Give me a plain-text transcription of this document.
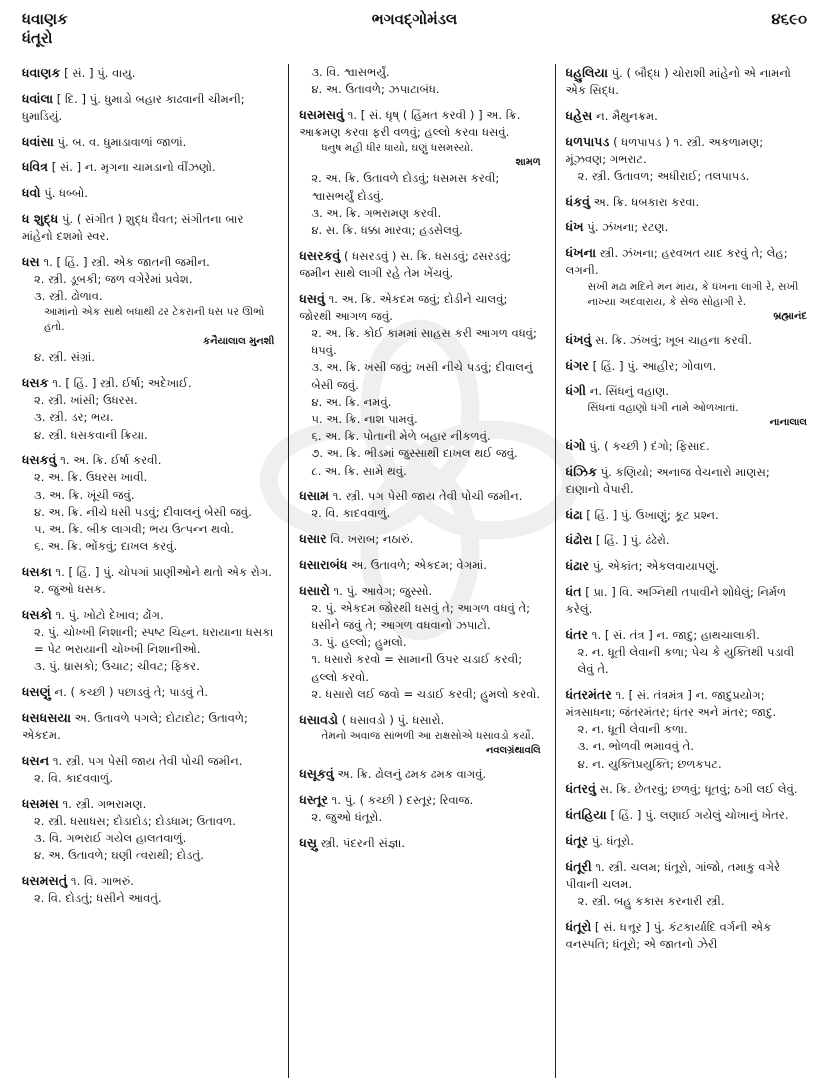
ધવાણક
ધંતૂરો
ભગવદ્ગોમંડલ	૪૬૯૦
ધવાણક [ સં. ] પું. વાયુ.
ધવાંલા [ દિ. ] પું. ધુમાડો બહાર કાઢવાની ચીમની; ધુમાડિયું.
ધવાંસા પું. બ. વ. ધુમાડાવાળાં જાળાં.
ધવિત્ર [ સં. ] ન. મૃગના ચામડાનો વીંઝણો.
ધવો પું. ધબ્બો.
ધ શુદ્ધ પું. ( સંગીત ) શુદ્ધ ધૈવત; સંગીતના બાર માંહેનો દશમો સ્વર.
ધસ ૧. [ હિં. ] સ્ત્રી. એક જાતની જમીન.
૨. સ્ત્રી. ડૂબકી; જળ વગેરેમાં પ્રવેશ.
૩. સ્ત્રી. ઢોળાવ.
આમાંનો એક સાથે બધાથી ઢર ટેકરાની ધસ પર ઊભો હતો.
કનૈયાલાલ મુનશી
૪. સ્ત્રી. સંગ્રાં.
ધસક ૧. [ હિં. ] સ્ત્રી. ઈર્ષા; અદેખાઈ.
૨. સ્ત્રી. ખાંસી; ઉધરસ.
૩. સ્ત્રી. ડર; ભય.
૪. સ્ત્રી. ધસકવાની ક્રિયા.
ધસકવું ૧. અ. ક્રિ. ઈર્ષા કરવી.
૨. અ. ક્રિ. ઉધરસ ખાવી.
૩. અ. ક્રિ. ખૂંચી જવું.
૪. અ. ક્રિ. નીચે ધસી પડવું; દીવાલનું બેસી જવું.
૫. અ. ક્રિ. બીક લાગવી; ભય ઉત્પન્ન થવો.
૬. અ. ક્રિ. ભોંકવું; દાખલ કરવું.
ધસકા ૧. [ હિં. ] પું. ચોપગાં પ્રાણીઓને થતો એક રોગ.
૨. જુઓ ધસક.
ધસકો ૧. પું. ખોટો દેખાવ; ઢોંગ.
૨. પું. ચોખ્ખી નિશાની; સ્પષ્ટ ચિહ્ન. ધરાયાના ધસકા = પેટ ભરાયાની ચોખ્ખી નિશાનીઓ.
૩. પું. ધ્રાસકો; ઉચાટ; ચીવટ; ફિકર.
ધસણું ન. ( કચ્છી ) પછાડવું તે; પાડવું તે.
ધસધસયા અ. ઉતાવળે પગલે; દોટાદોટ; ઉતાવળે; એકદમ.
ધસન ૧. સ્ત્રી. પગ પેસી જાય તેવી પોચી જમીન.
૨. વિ. કાદવવાળું.
ધસમસ ૧. સ્ત્રી. ગભરામણ.
૨. સ્ત્રી. ધસાધસ; દોડાદોડ; દોડધામ; ઉતાવળ.
૩. વિ. ગભરાઈ ગયેલ હાલતવાળું.
૪. અ. ઉતાવળે; ઘણી ત્વરાથી; દોડતું.
ધસમસતું ૧. વિ. ગાભરું.
૨. વિ. દોડતું; ધસીને આવતું.
૩. વિ. શ્વાસભર્યું.
૪. અ. ઉતાવળે; ઝપાટાબંધ.
ધસમસવું ૧. [ સં. ધૃષ્ ( હિંમત કરવી ) ] અ. ક્રિ. આક્રમણ કરવા ફરી વળવું; હલ્લો કરવા ધસવું.
ધનુષ મહી ધીર ધાયો, ઘણું ધસમસ્યો.
શામળ
૨. અ. ક્રિ. ઉતાવળે દોડવું; ધસમસ કરવી; શ્વાસભર્યું દોડવું.
૩. અ. ક્રિ. ગભરામણ કરવી.
૪. સ. ક્રિ. ધક્કા મારવા; હડસેલવું.
ધસરકવું ( ધસરડવું ) સ. ક્રિ. ધસડવું; ઢસરડવું; જમીન સાથે લાગી રહે તેમ ખેંચવું.
ધસવું ૧. અ. ક્રિ. એકદમ જવું; દોડીને ચાલવું; જોરથી આગળ જવું.
૨. અ. ક્રિ. કોઈ કામમાં સાહસ કરી આગળ વધવું; ધપવું.
૩. અ. ક્રિ. ખસી જવું; ખસી નીચે પડવું; દીવાલનું બેસી જવું.
૪. અ. ક્રિ. નમવું.
૫. અ. ક્રિ. નાશ પામવું.
૬. અ. ક્રિ. પોતાની મેળે બહાર નીકળવું.
૭. અ. ક્રિ. ભીડમાં જુસ્સાથી દાખલ થઈ જવું.
૮. અ. ક્રિ. સામે થવું.
ધસામ ૧. સ્ત્રી. પગ પેસી જાય તેવી પોચી જમીન.
૨. વિ. કાદવવાળું.
ધસાર વિ. ખરાબ; નઠારું.
ધસારાબંધ અ. ઉતાવળે; એકદમ; વેગમાં.
ધસારો ૧. પું. આવેગ; જુસ્સો.
૨. પું. એકદમ જોરથી ધસવું તે; આગળ વધવું તે; ધસીને જવું તે; આગળ વધવાનો ઝપાટો.
૩. પું. હલ્લો; હુમલો.
૧. ધસારો કરવો = સામાની ઉપર ચડાઈ કરવી; હલ્લો કરવો.
૨. ધસારો લઈ જવો = ચડાઈ કરવી; હુમલો કરવો.
ધસાવડો ( ધસાવડો ) પું. ધસારો.
તેમનો અવાજ સાંભળી આ રાક્ષસોએ ધસાવડો કર્યો.
નવલગ્રંથાવલિ
ધસૂકવું અ. ક્રિ. ઢોલનું ઢમક ઢમક વાગવું.
ધસ્તૂર ૧. પું. ( કચ્છી ) દસ્તૂર; રિવાજ.
૨. જુઓ ધંતૂરો.
ધસ્રુ સ્ત્રી. પંદરની સંજ્ઞા.
ધહુલિયા પું. ( બૌદ્ધ ) ચોરાશી માંહેનો એ નામનો એક સિદ્ધ.
ધહેસ ન. મૈથુનક્રમ.
ધળપાપડ ( ધળપાપડ ) ૧. સ્ત્રી. અકળામણ; મૂંઝવણ; ગભરાટ.
૨. સ્ત્રી. ઉતાવળ; અધીરાઈ; તલપાપડ.
ધંકવું અ. ક્રિ. ધબકારા કરવા.
ધંખ પું. ઝંખના; રટણ.
ધંખના સ્ત્રી. ઝંખના; હરવખત યાદ કરવું તે; લેહ; લગની.
સખી મઢા મદિને મન માંય, કે ધંખના લાગી રે, સખી નાખ્યા અદવારાય, કે સેજ સોહાગી રે.
બ્રહ્માનંદ
ધંખવું સ. ક્રિ. ઝંખવું; ખૂબ ચાહના કરવી.
ધંગર [ હિં. ] પું. આહીર; ગોવાળ.
ધંગી ન. સિંધનું વહાણ.
સિંધનાં વહાણો ધંગી નામે ઓળખાતાં.
નાનાલાલ
ધંગો પું. ( કચ્છી ) દંગો; ફિસાદ.
ધંઝિક પું. કણિયો; અનાજ વેચનારો માણસ; દાણાનો વેપારી.
ધંઢા [ હિં. ] પું. ઉખાણું; કૂટ પ્રશ્ન.
ધંઢોરા [ હિં. ] પું. ઢંઢેરો.
ધંઢાર પું. એકાંત; એકલવાયાપણું.
ધંત [ પ્રા. ] વિ. અગ્નિથી તપાવીને શોધેલું; નિર્મળ કરેલું.
ધંતર ૧. [ સં. તંત્ર ] ન. જાદુ; હાથચાલાકી.
૨. ન. ધૂતી લેવાની કળા; પેચ કે યુક્તિથી પડાવી લેવું તે.
ધંતરમંતર ૧. [ સં. તંત્રમંત્ર ] ન. જાદુપ્રયોગ; મંત્રસાધના; જંતરમંતર; ધંતર અને મંતર; જાદુ.
૨. ન. ધૂતી લેવાની કળા.
૩. ન. ભોળવી ભમાવવું તે.
૪. ન. યુક્તિપ્રયુક્તિ; છળકપટ.
ધંતરવું સ. ક્રિ. છેતરવું; છળવું; ધૂતવું; ઠગી લઈ લેવું.
ધંતહિયા [ હિં. ] પું. લણાઈ ગયેલું ચોખાનું ખેતર.
ધંતૂર પું. ધંતૂરો.
ધંતૂરી ૧. સ્ત્રી. ચલમ; ધંતૂરો, ગાંજો, તમાકુ વગેરે પીવાની ચલમ.
૨. સ્ત્રી. બહુ કકાસ કરનારી સ્ત્રી.
ધંતૂરો [ સં. ધત્તૂર ] પું. કંટકાર્યાદિ વર્ગની એક વનસ્પતિ; ધંતૂરો; એ જાતનો ઝેરી
